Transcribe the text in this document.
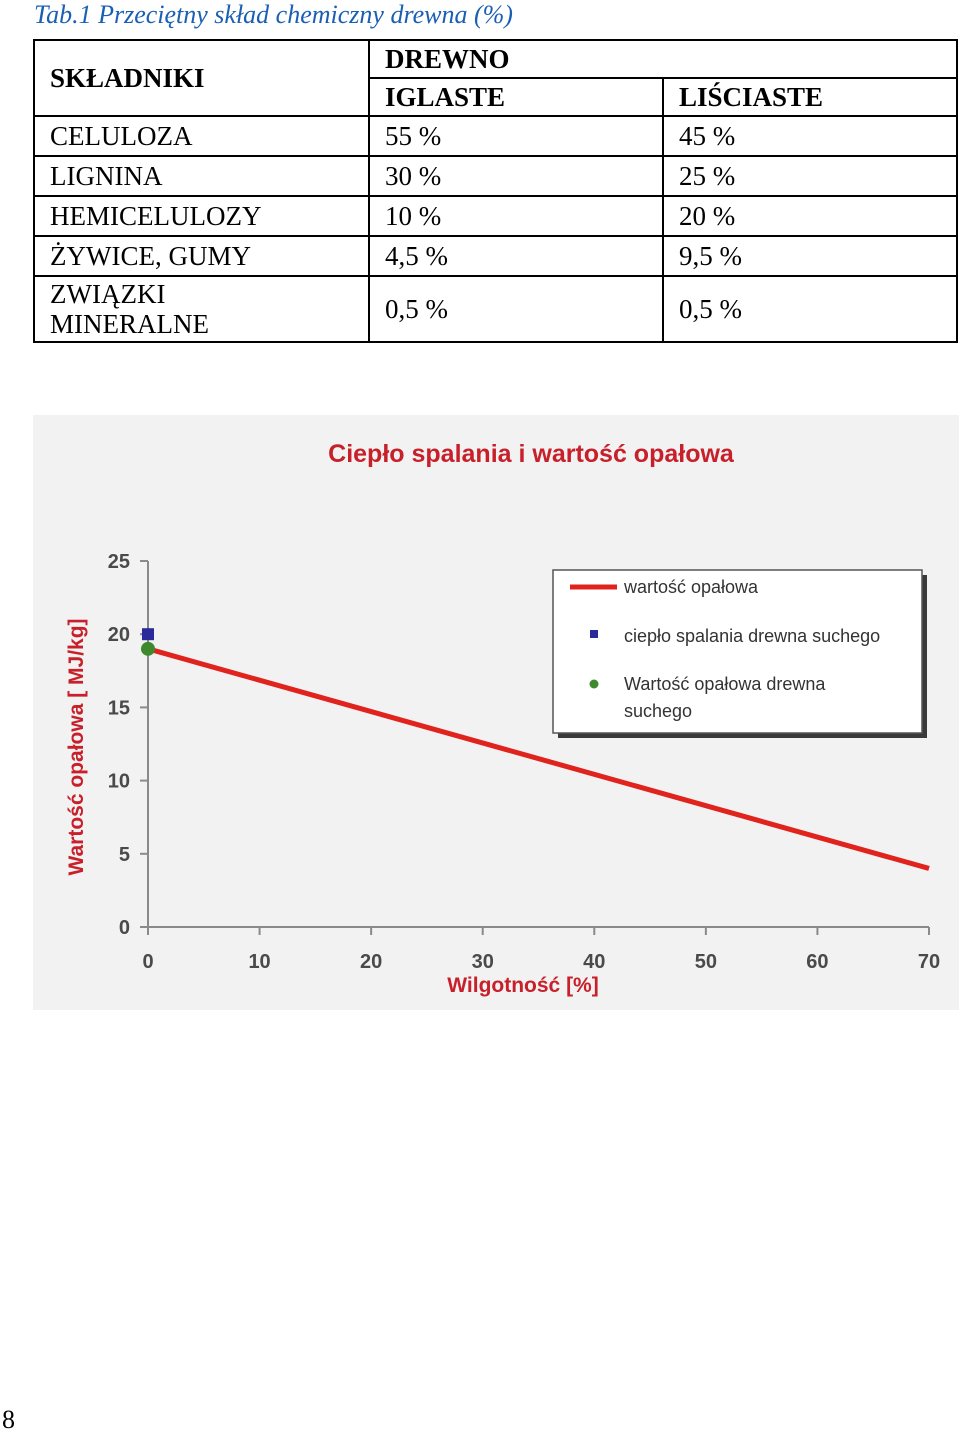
Tab.1 Przeciętny skład chemiczny drewna (%)
SKŁADNIKI	DREWNO	
	IGLASTE	LIŚCIASTE
CELULOZA	55 %	45 %
LIGNINA	30 %	25 %
HEMICELULOZY	10 %	20 %
ŻYWICE, GUMY	4,5 %	9,5 %
ZWIĄZKI
MINERALNE	0,5 %	0,5 %
Ciepło spalania i wartość opałowa
Wartość opałowa [ MJ/kg]
Wilgotność [%]
0
5
10
15
20
25
0	10	20	30	40	50	60	70
wartość opałowa
ciepło spalania drewna suchego
Wartość opałowa drewna
suchego
8
